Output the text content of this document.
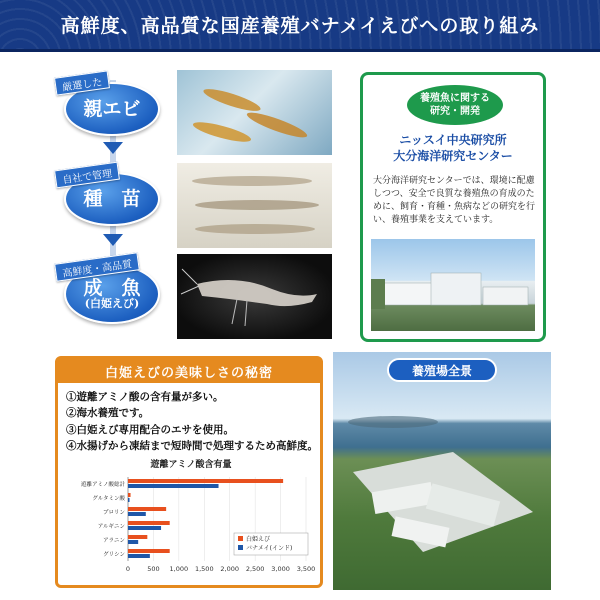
高鮮度、高品質な国産養殖バナメイえびへの取り組み
親エビ
厳選した
種　苗
自社で管理
成　魚
(白姫えび)
高鮮度・高品質
養殖魚に関する
研究・開発
ニッスイ中央研究所
大分海洋研究センター
大分海洋研究センターでは、環境に配慮しつつ、安全で良質な養殖魚の育成のために、飼育・育種・魚病などの研究を行い、養殖事業を支えています。
白姫えびの美味しさの秘密
①遊離アミノ酸の含有量が多い。
②海水養殖です。
③白姫えび専用配合のエサを使用。
④水揚げから凍結まで短時間で処理するため高鮮度。
遊離アミノ酸含有量
0	500 1,000 1,500 2,000 2,500 3,000 3,500
遊離アミノ酸総計
グルタミン酸
プロリン
アルギニン
アラニン
グリシン
白姫えび
バナメイ(インド)
養殖場全景
